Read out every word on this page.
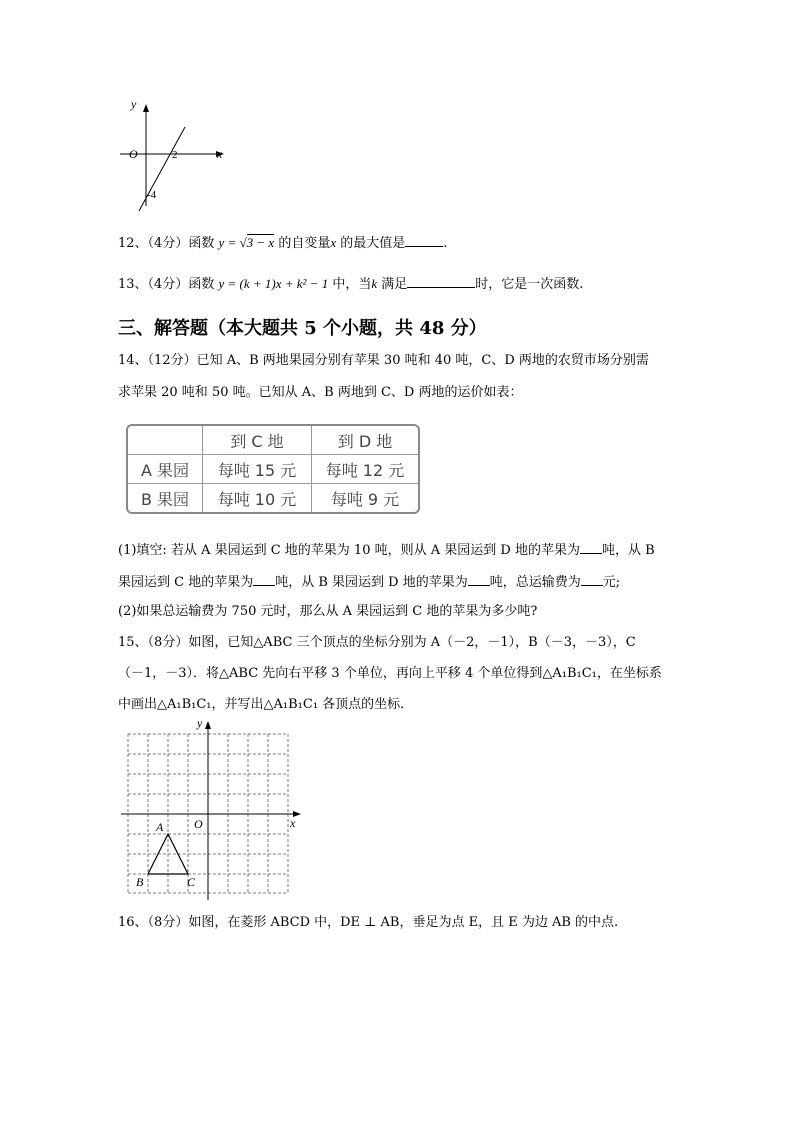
y
x
O	2
-4
12、（4分）函数 y = √3 − x 的自变量x 的最大值是	.
13、（4分）函数 y = (k + 1)x + k² − 1 中，当k 满足	时，它是一次函数.
三、解答题（本大题共 5 个小题，共 48 分）
14、（12分）已知 A、B 两地果园分别有苹果 30 吨和 40 吨，C、D 两地的农贸市场分别需
求苹果 20 吨和 50 吨。已知从 A、B 两地到 C、D 两地的运价如表：
	到 C 地	到 D 地
A 果园	每吨 15 元	每吨 12 元
B 果园	每吨 10 元	每吨 9 元
(1)填空: 若从 A 果园运到 C 地的苹果为 10 吨，则从 A 果园运到 D 地的苹果为 吨，从 B
果园运到 C 地的苹果为 吨，从 B 果园运到 D 地的苹果为 吨，总运输费为 元;
(2)如果总运输费为 750 元时，那么从 A 果园运到 C 地的苹果为多少吨?
15、（8分）如图，已知△ABC 三个顶点的坐标分别为 A（－2，－1），B（－3，－3），C
（－1，－3）．将△ABC 先向右平移 3 个单位，再向上平移 4 个单位得到△A₁B₁C₁，在坐标系
中画出△A₁B₁C₁，并写出△A₁B₁C₁ 各顶点的坐标．
y
x
O
A
B	C
16、（8分）如图，在菱形 ABCD 中，DE ⊥ AB，垂足为点 E，且 E 为边 AB 的中点.
